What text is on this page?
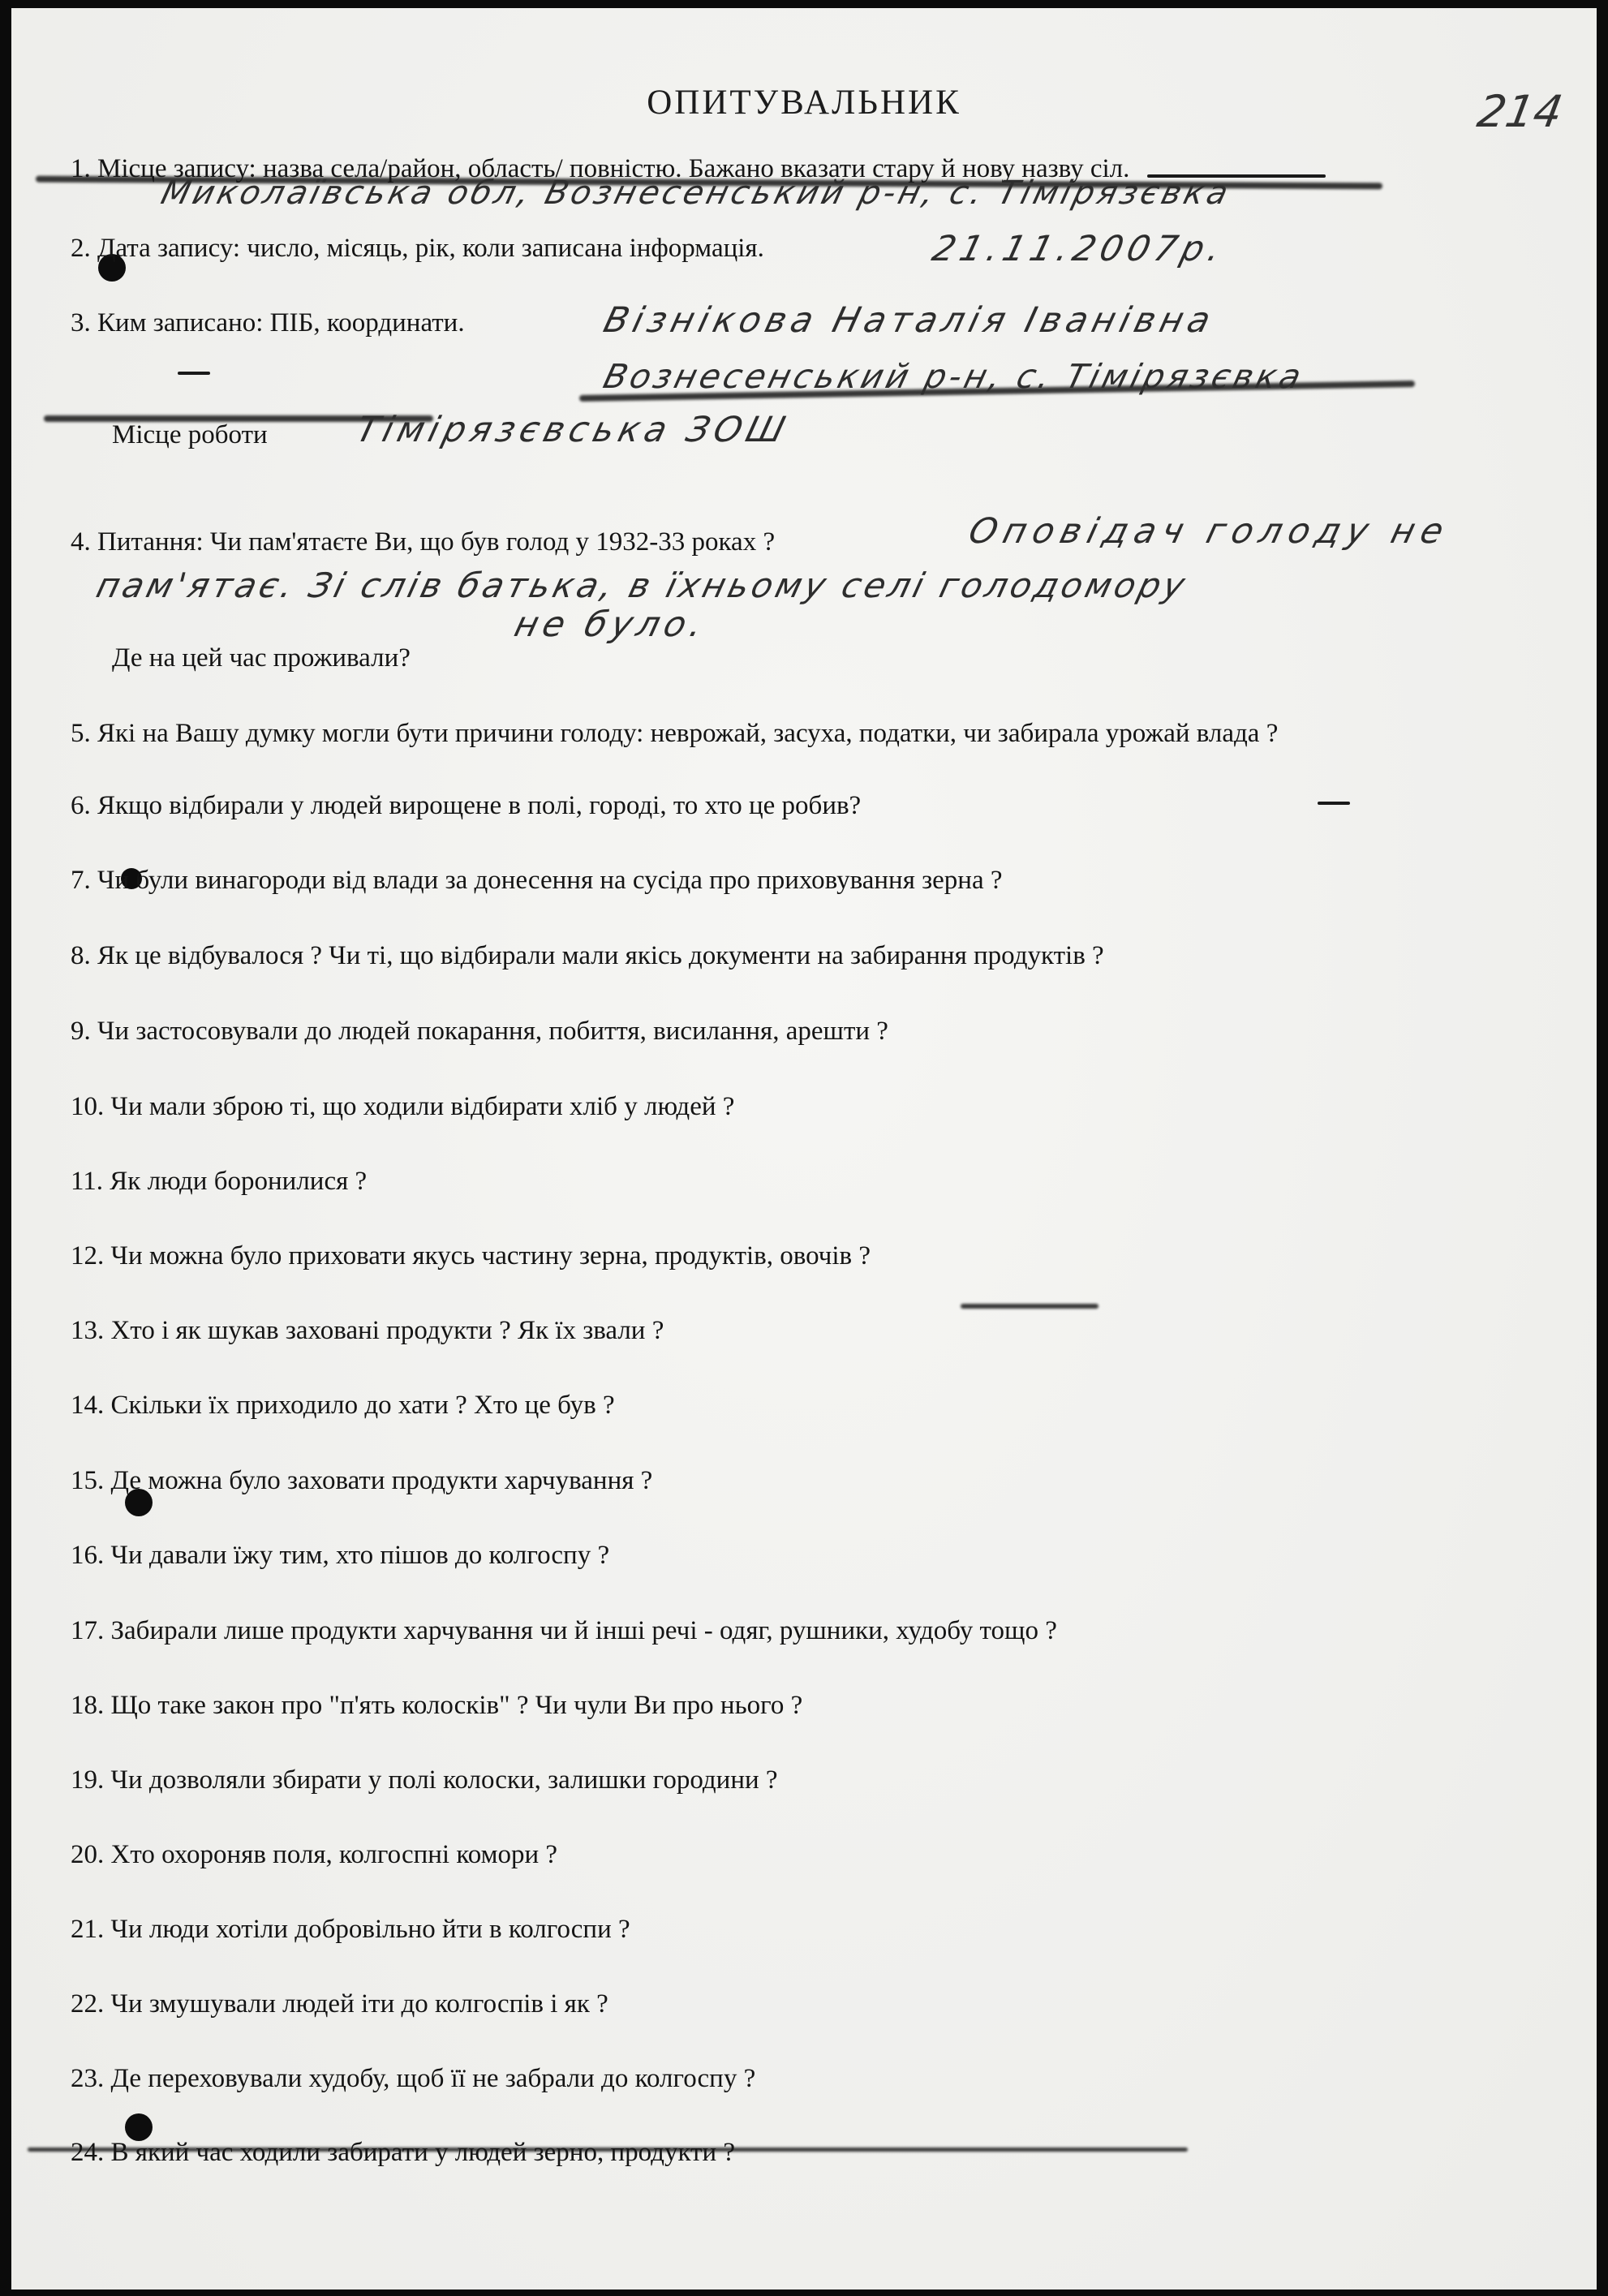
ОПИТУВАЛЬНИК	214
1. Місце запису: назва села/район, область/ повністю. Бажано вказати стару й нову назву сіл.
2. Дата запису: число, місяць, рік, коли записана інформація.
3. Ким записано: ПІБ, координати.
Місце роботи
4. Питання: Чи пам'ятаєте Ви, що був голод у 1932-33 роках ?
Де на цей час проживали?
5. Які на Вашу думку могли бути причини голоду: неврожай, засуха, податки, чи забирала урожай влада ?
6. Якщо відбирали у людей вирощене в полі, городі, то хто це робив?
7. Чи були винагороди від влади за донесення на сусіда про приховування зерна ?
8. Як це відбувалося ? Чи ті, що відбирали мали якісь документи на забирання продуктів ?
9. Чи застосовували до людей покарання, побиття, висилання, арешти ?
10. Чи мали зброю ті, що ходили відбирати хліб у людей ?
11. Як люди боронилися ?
12. Чи можна було приховати якусь частину зерна, продуктів, овочів ?
13. Хто і як шукав заховані продукти ? Як їх звали ?
14. Скільки їх приходило до хати ? Хто це був ?
15. Де можна було заховати продукти харчування ?
16. Чи давали їжу тим, хто пішов до колгоспу ?
17. Забирали лише продукти харчування чи й інші речі - одяг, рушники, худобу тощо ?
18. Що таке закон про "п'ять колосків" ? Чи чули Ви про нього ?
19. Чи дозволяли збирати у полі колоски, залишки городини ?
20. Хто охороняв поля, колгоспні комори ?
21. Чи люди хотіли добровільно йти в колгоспи ?
22. Чи змушували людей іти до колгоспів і як ?
23. Де переховували худобу, щоб її не забрали до колгоспу ?
24. В який час ходили забирати у людей зерно, продукти ?
Миколаївська обл, Вознесенський р-н, с. Тімірязєвка
21.11.2007р.
Візнікова Наталія Іванівна
Вознесенський р-н, с. Тімірязєвка
Тімірязєвська ЗОШ
Оповідач голоду не
пам'ятає. Зі слів батька, в їхньому селі голодомору
не було.
